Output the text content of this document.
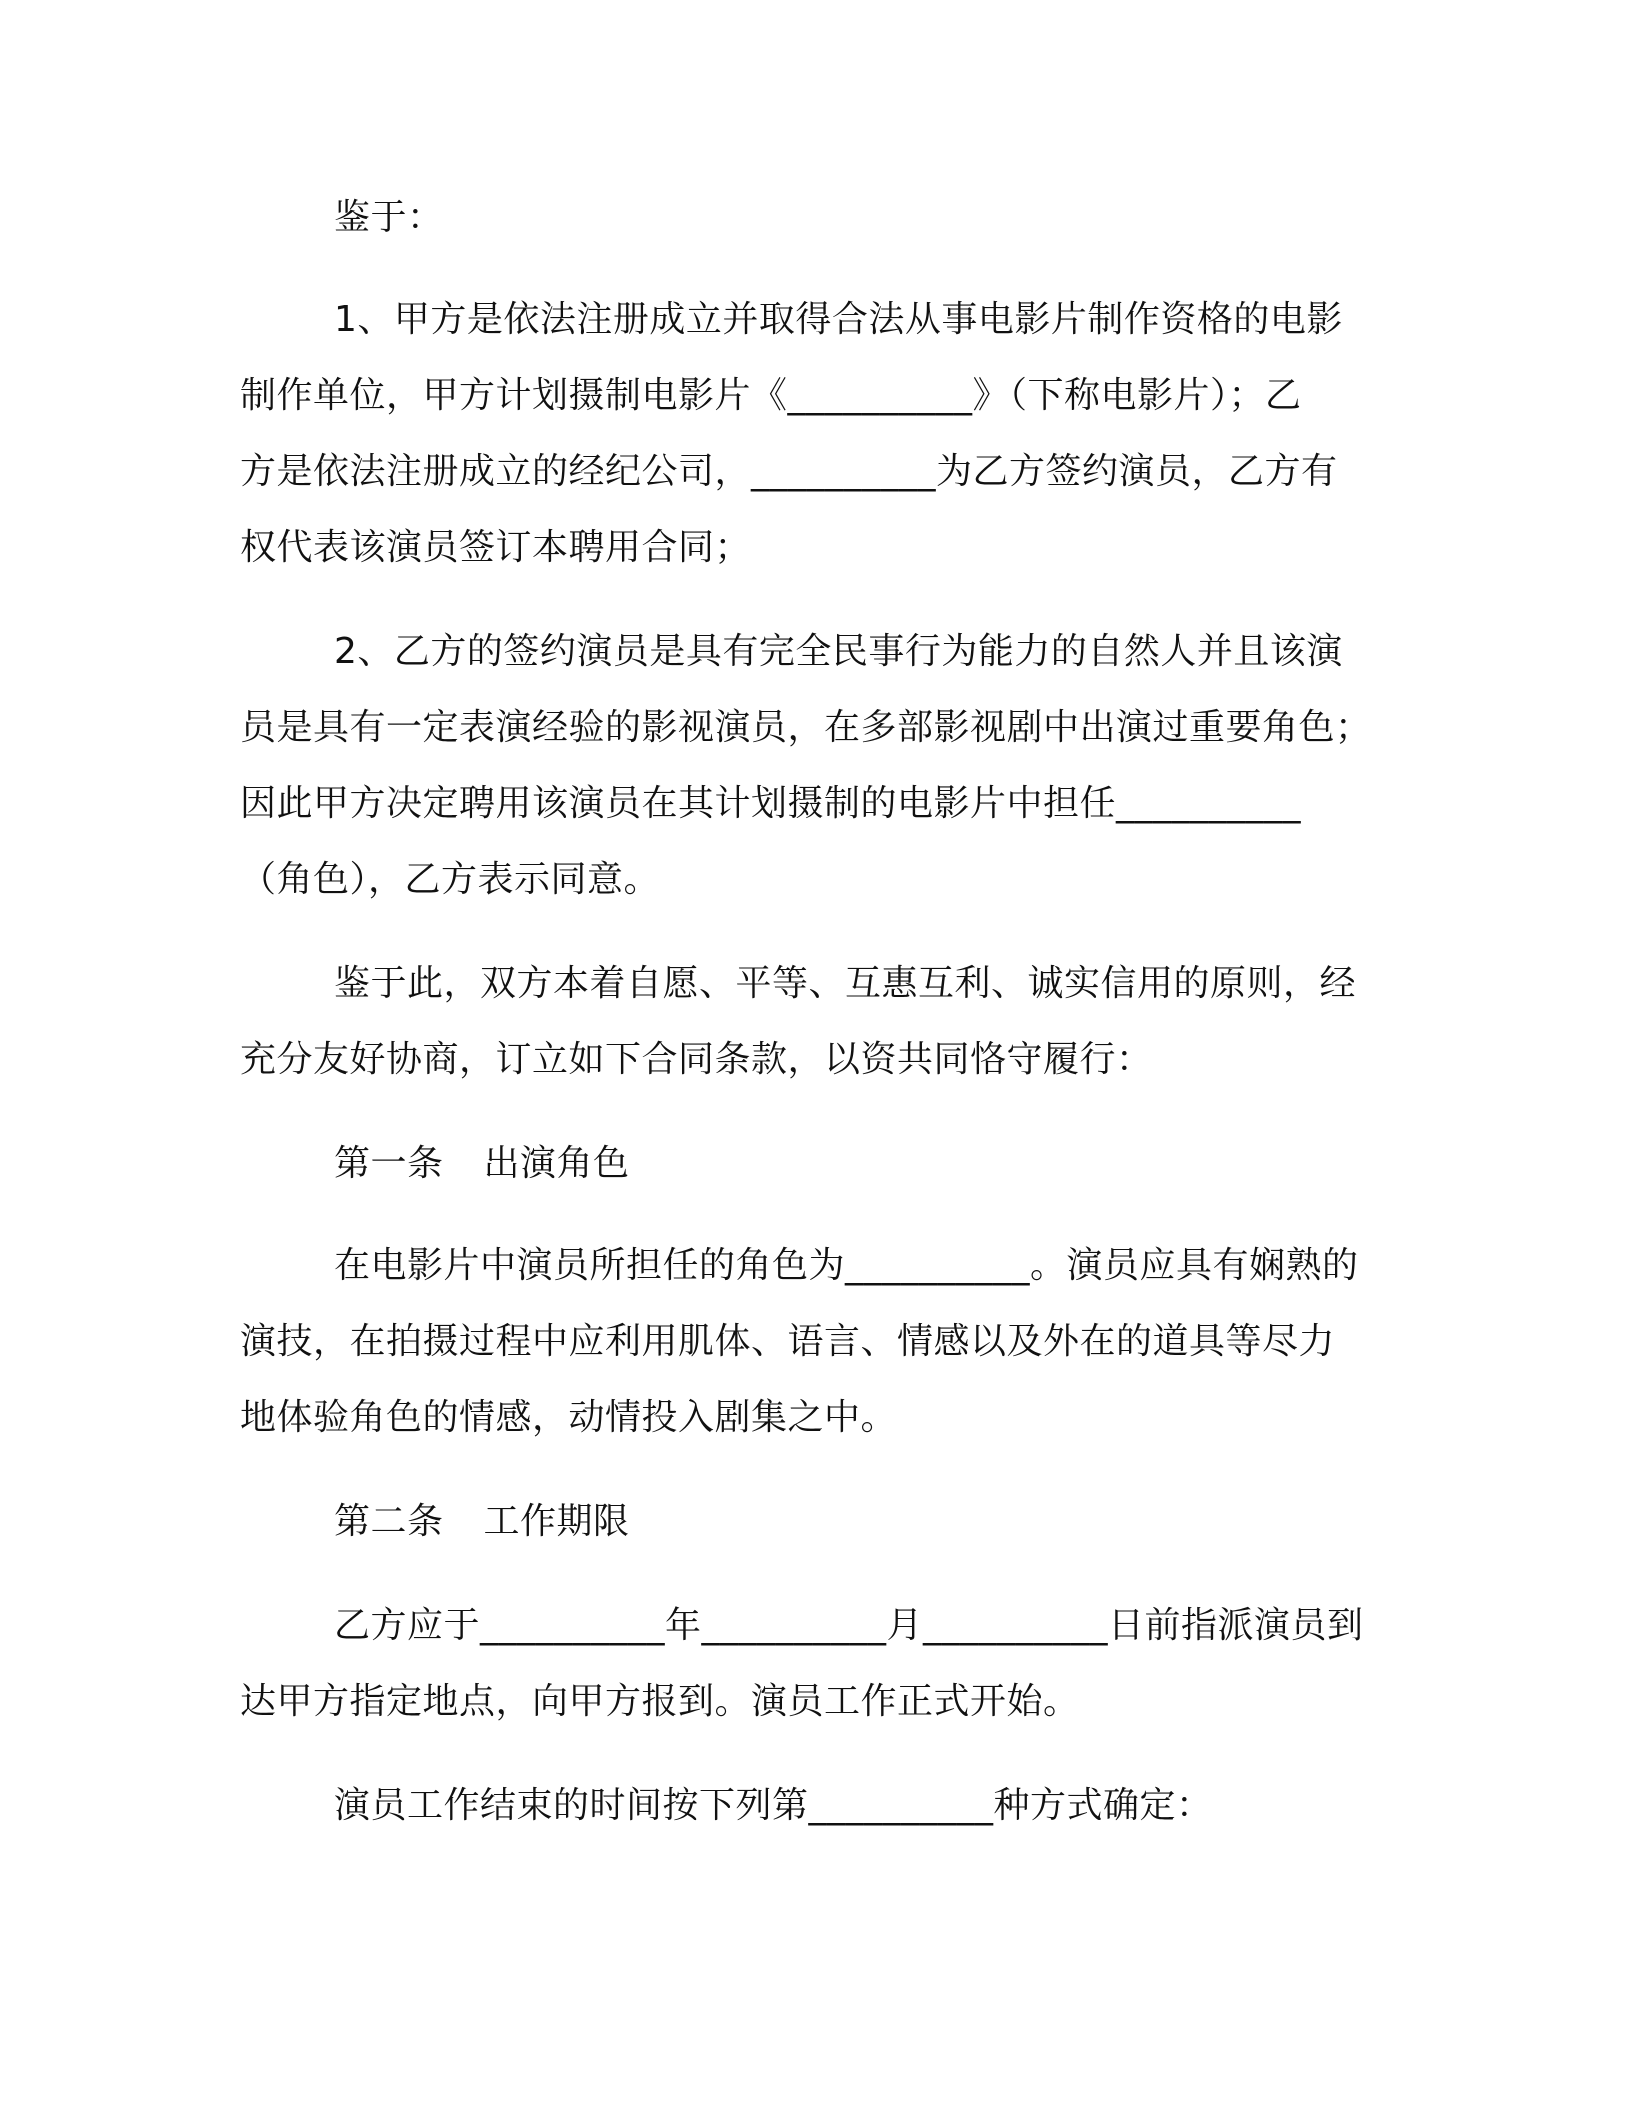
鉴于：
1、甲方是依法注册成立并取得合法从事电影片制作资格的电影
制作单位，甲方计划摄制电影片《__________》（下称电影片）；乙
方是依法注册成立的经纪公司，__________为乙方签约演员，乙方有
权代表该演员签订本聘用合同；
2、乙方的签约演员是具有完全民事行为能力的自然人并且该演
员是具有一定表演经验的影视演员，在多部影视剧中出演过重要角色；
因此甲方决定聘用该演员在其计划摄制的电影片中担任__________
（角色），乙方表示同意。
鉴于此，双方本着自愿、平等、互惠互利、诚实信用的原则，经
充分友好协商，订立如下合同条款，以资共同恪守履行：
第一条 出演角色
在电影片中演员所担任的角色为__________。演员应具有娴熟的
演技，在拍摄过程中应利用肌体、语言、情感以及外在的道具等尽力
地体验角色的情感，动情投入剧集之中。
第二条 工作期限
乙方应于__________年__________月__________日前指派演员到
达甲方指定地点，向甲方报到。演员工作正式开始。
演员工作结束的时间按下列第__________种方式确定：
